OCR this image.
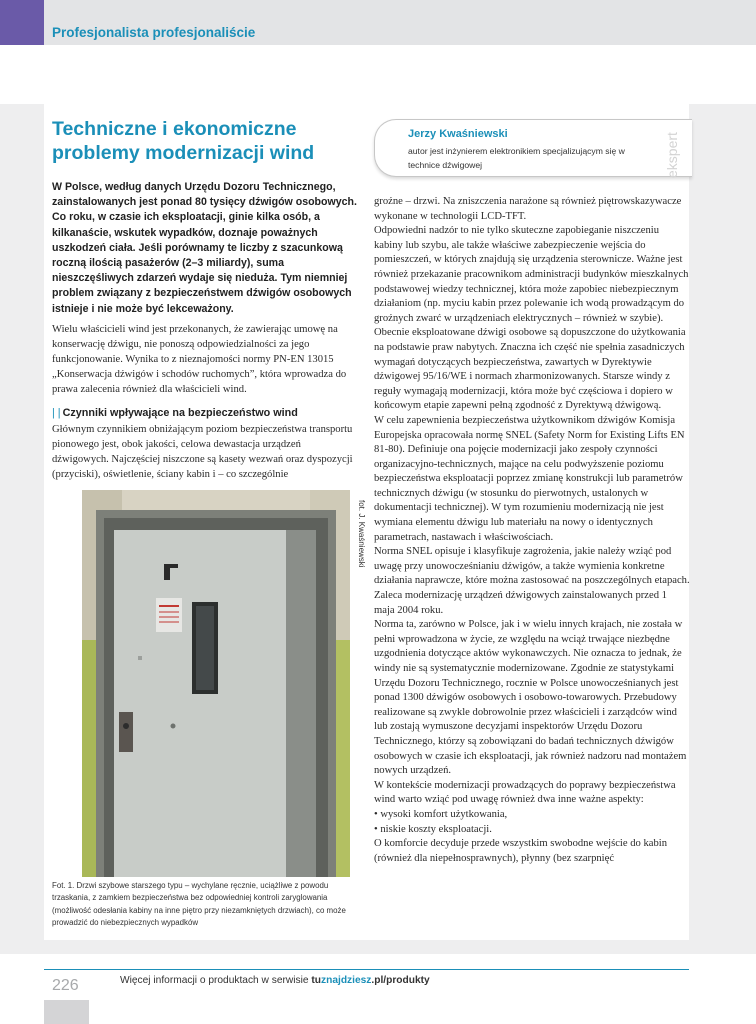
Profesjonalista profesjonaliście
Techniczne i ekonomiczne problemy modernizacji wind

W Polsce, według danych Urzędu Dozoru Technicznego, zainstalowanych jest ponad 80 tysięcy dźwigów osobowych. Co roku, w czasie ich eksploatacji, ginie kilka osób, a kilkanaście, wskutek wypadków, doznaje poważnych uszkodzeń ciała. Jeśli porównamy te liczby z szacunkową roczną ilością pasażerów (2–3 miliardy), suma nieszczęśliwych zdarzeń wydaje się nieduża. Tym niemniej problem związany z bezpieczeństwem dźwigów osobowych istnieje i nie może być lekceważony.

Wielu właścicieli wind jest przekonanych, że zawierając umowę na konserwację dźwigu, nie ponoszą odpowiedzialności za jego funkcjonowanie. Wynika to z nieznajomości normy PN-EN 13015 „Konserwacja dźwigów i schodów ruchomych”, która wprowadza do prawa zalecenia również dla właścicieli wind.

| | Czynniki wpływające na bezpieczeństwo wind

Głównym czynnikiem obniżającym poziom bezpieczeństwa transportu pionowego jest, obok jakości, celowa dewastacja urządzeń dźwigowych. Najczęściej niszczone są kasety wezwań oraz dyspozycji (przyciski), oświetlenie, ściany kabin i – co szczególnie

fot. J. Kwaśniewski

Fot. 1. Drzwi szybowe starszego typu – wychylane ręcznie, uciążliwe z powodu trzaskania, z zamkiem bezpieczeństwa bez odpowiedniej kontroli zaryglowania (możliwość odesłania kabiny na inne piętro przy niezamkniętych drzwiach), co może prowadzić do niebezpiecznych wypadków

Jerzy Kwaśniewski
autor jest inżynierem elektronikiem specjalizującym się w technice dźwigowej	ekspert

groźne – drzwi. Na zniszczenia narażone są również piętrowskazywacze wykonane w technologii LCD-TFT.
Odpowiedni nadzór to nie tylko skuteczne zapobieganie niszczeniu kabiny lub szybu, ale także właściwe zabezpieczenie wejścia do pomieszczeń, w których znajdują się urządzenia sterownicze. Ważne jest również przekazanie pracownikom administracji budynków mieszkalnych podstawowej wiedzy technicznej, która może zapobiec niebezpiecznym działaniom (np. myciu kabin przez polewanie ich wodą prowadzącym do groźnych zwarć w urządzeniach elektrycznych – również w szybie).
Obecnie eksploatowane dźwigi osobowe są dopuszczone do użytkowania na podstawie praw nabytych. Znaczna ich część nie spełnia zasadniczych wymagań dotyczących bezpieczeństwa, zawartych w Dyrektywie dźwigowej 95/16/WE i normach zharmonizowanych. Starsze windy z reguły wymagają modernizacji, która może być częściowa i dopiero w końcowym etapie zapewni pełną zgodność z Dyrektywą dźwigową.
W celu zapewnienia bezpieczeństwa użytkownikom dźwigów Komisja Europejska opracowała normę SNEL (Safety Norm for Existing Lifts EN 81-80). Definiuje ona pojęcie modernizacji jako zespoły czynności organizacyjno-technicznych, mające na celu podwyższenie poziomu bezpieczeństwa eksploatacji poprzez zmianę konstrukcji lub parametrów technicznych dźwigu (w stosunku do pierwotnych, ustalonych w dokumentacji technicznej). W tym rozumieniu modernizacją nie jest wymiana elementu dźwigu lub materiału na nowy o identycznych parametrach, nastawach i właściwościach.
Norma SNEL opisuje i klasyfikuje zagrożenia, jakie należy wziąć pod uwagę przy unowocześnianiu dźwigów, a także wymienia konkretne działania naprawcze, które można zastosować na poszczególnych etapach. Zaleca modernizację urządzeń dźwigowych zainstalowanych przed 1 maja 2004 roku.
Norma ta, zarówno w Polsce, jak i w wielu innych krajach, nie została w pełni wprowadzona w życie, ze względu na wciąż trwające niezbędne uzgodnienia dotyczące aktów wykonawczych. Nie oznacza to jednak, że windy nie są systematycznie modernizowane. Zgodnie ze statystykami Urzędu Dozoru Technicznego, rocznie w Polsce unowocześnianych jest ponad 1300 dźwigów osobowych i osobowo-towarowych. Przebudowy realizowane są zwykle dobrowolnie przez właścicieli i zarządców wind lub zostają wymuszone decyzjami inspektorów Urzędu Dozoru Technicznego, którzy są zobowiązani do badań technicznych dźwigów osobowych w czasie ich eksploatacji, jak również nadzoru nad montażem nowych urządzeń.
W kontekście modernizacji prowadzących do poprawy bezpieczeństwa wind warto wziąć pod uwagę również dwa inne ważne aspekty:
• wysoki komfort użytkowania,
• niskie koszty eksploatacji.
O komforcie decyduje przede wszystkim swobodne wejście do kabin (również dla niepełnosprawnych), płynny (bez szarpnięć

226	Więcej informacji o produktach w serwisie tuznajdziesz.pl/produkty
